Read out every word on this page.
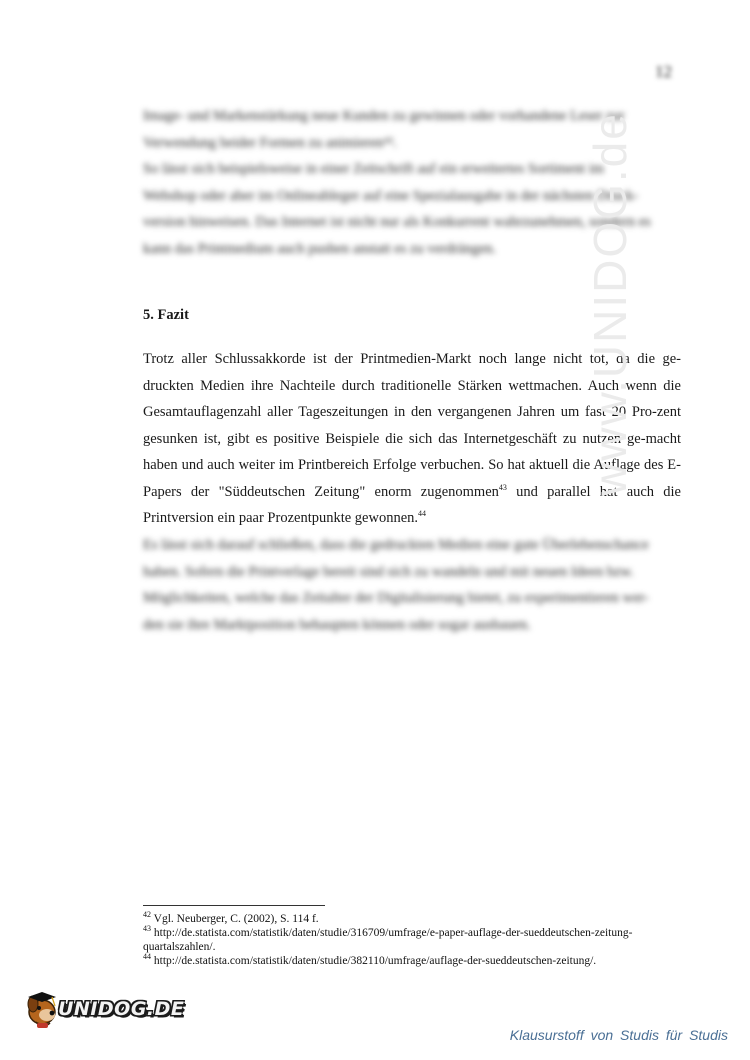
12

Image- und Markenstärkung neue Kunden zu gewinnen oder vorhandene Leser zur

Verwendung beider Formen zu animieren⁴².

So lässt sich beispielsweise in einer Zeitschrift auf ein erweitertes Sortiment im

Webshop oder aber im Onlineableger auf eine Spezialausgabe in der nächsten Druck-

version hinweisen. Das Internet ist nicht nur als Konkurrent wahrzunehmen, sondern es

kann das Printmedium auch pushen anstatt es zu verdrängen.

5. Fazit
Trotz aller Schlussakkorde ist der Printmedien-Markt noch lange nicht tot, da die ge-druckten Medien ihre Nachteile durch traditionelle Stärken wettmachen. Auch wenn die Gesamtauflagenzahl aller Tageszeitungen in den vergangenen Jahren um fast 20 Pro-zent gesunken ist, gibt es positive Beispiele die sich das Internetgeschäft zu nutzen ge-macht haben und auch weiter im Printbereich Erfolge verbuchen. So hat aktuell die Auflage des E-Papers der "Süddeutschen Zeitung" enorm zugenommen$^{43}$ und parallel hat auch die Printversion ein paar Prozentpunkte gewonnen.$^{44}$

Es lässt sich darauf schließen, dass die gedruckten Medien eine gute Überlebenschance

haben. Sofern die Printverlage bereit sind sich zu wandeln und mit neuen Ideen bzw.

Möglichkeiten, welche das Zeitalter der Digitalisierung bietet, zu experimentieren wer-

den sie ihre Marktposition behaupten können oder sogar ausbauen.

www.UNIDOG.de

$^{42}$ Vgl. Neuberger, C. (2002), S. 114 f.

$^{43}$ http://de.statista.com/statistik/daten/studie/316709/umfrage/e-paper-auflage-der-sueddeutschen-zeitung-quartalszahlen/.

$^{44}$ http://de.statista.com/statistik/daten/studie/382110/umfrage/auflage-der-sueddeutschen-zeitung/.

UNIDOG.DE
Klausurstoff von Studis für Studis
